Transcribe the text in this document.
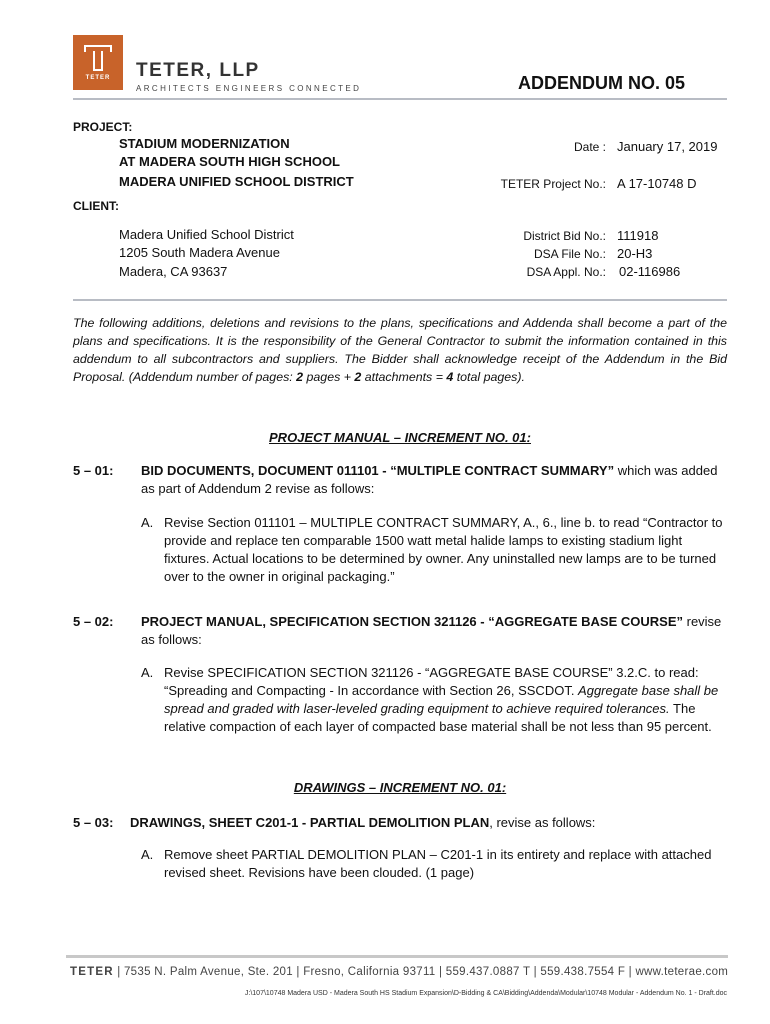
TETER	TETER, LLP
ARCHITECTS ENGINEERS CONNECTED	ADDENDUM NO. 05
PROJECT:
STADIUM MODERNIZATION
AT MADERA SOUTH HIGH SCHOOL
MADERA UNIFIED SCHOOL DISTRICT
Date : January 17, 2019
TETER Project No.: A 17-10748 D
CLIENT:
Madera Unified School District
1205 South Madera Avenue
Madera, CA 93637
District Bid No.: 111918
DSA File No.: 20-H3
DSA Appl. No.: 02-116986
The following additions, deletions and revisions to the plans, specifications and Addenda shall become a part of the plans and specifications. It is the responsibility of the General Contractor to submit the information contained in this addendum to all subcontractors and suppliers. The Bidder shall acknowledge receipt of the Addendum in the Bid Proposal. (Addendum number of pages: 2 pages + 2 attachments = 4 total pages).
PROJECT MANUAL – INCREMENT NO. 01:
5 – 01: BID DOCUMENTS, DOCUMENT 011101 - “MULTIPLE CONTRACT SUMMARY” which was added as part of Addendum 2 revise as follows:
A. Revise Section 011101 – MULTIPLE CONTRACT SUMMARY, A., 6., line b. to read “Contractor to provide and replace ten comparable 1500 watt metal halide lamps to existing stadium light fixtures. Actual locations to be determined by owner. Any uninstalled new lamps are to be turned over to the owner in original packaging.”
5 – 02: PROJECT MANUAL, SPECIFICATION SECTION 321126 - “AGGREGATE BASE COURSE” revise as follows:
A. Revise SPECIFICATION SECTION 321126 - “AGGREGATE BASE COURSE” 3.2.C. to read: “Spreading and Compacting - In accordance with Section 26, SSCDOT. Aggregate base shall be spread and graded with laser-leveled grading equipment to achieve required tolerances. The relative compaction of each layer of compacted base material shall be not less than 95 percent.
DRAWINGS – INCREMENT NO. 01:
5 – 03: DRAWINGS, SHEET C201-1 - PARTIAL DEMOLITION PLAN, revise as follows:
A. Remove sheet PARTIAL DEMOLITION PLAN – C201-1 in its entirety and replace with attached revised sheet. Revisions have been clouded. (1 page)
TETER | 7535 N. Palm Avenue, Ste. 201 | Fresno, California 93711 | 559.437.0887 T | 559.438.7554 F | www.teterae.com
J:\107\10748 Madera USD - Madera South HS Stadium Expansion\D-Bidding & CA\Bidding\Addenda\Modular\10748 Modular - Addendum No. 1 - Draft.doc
